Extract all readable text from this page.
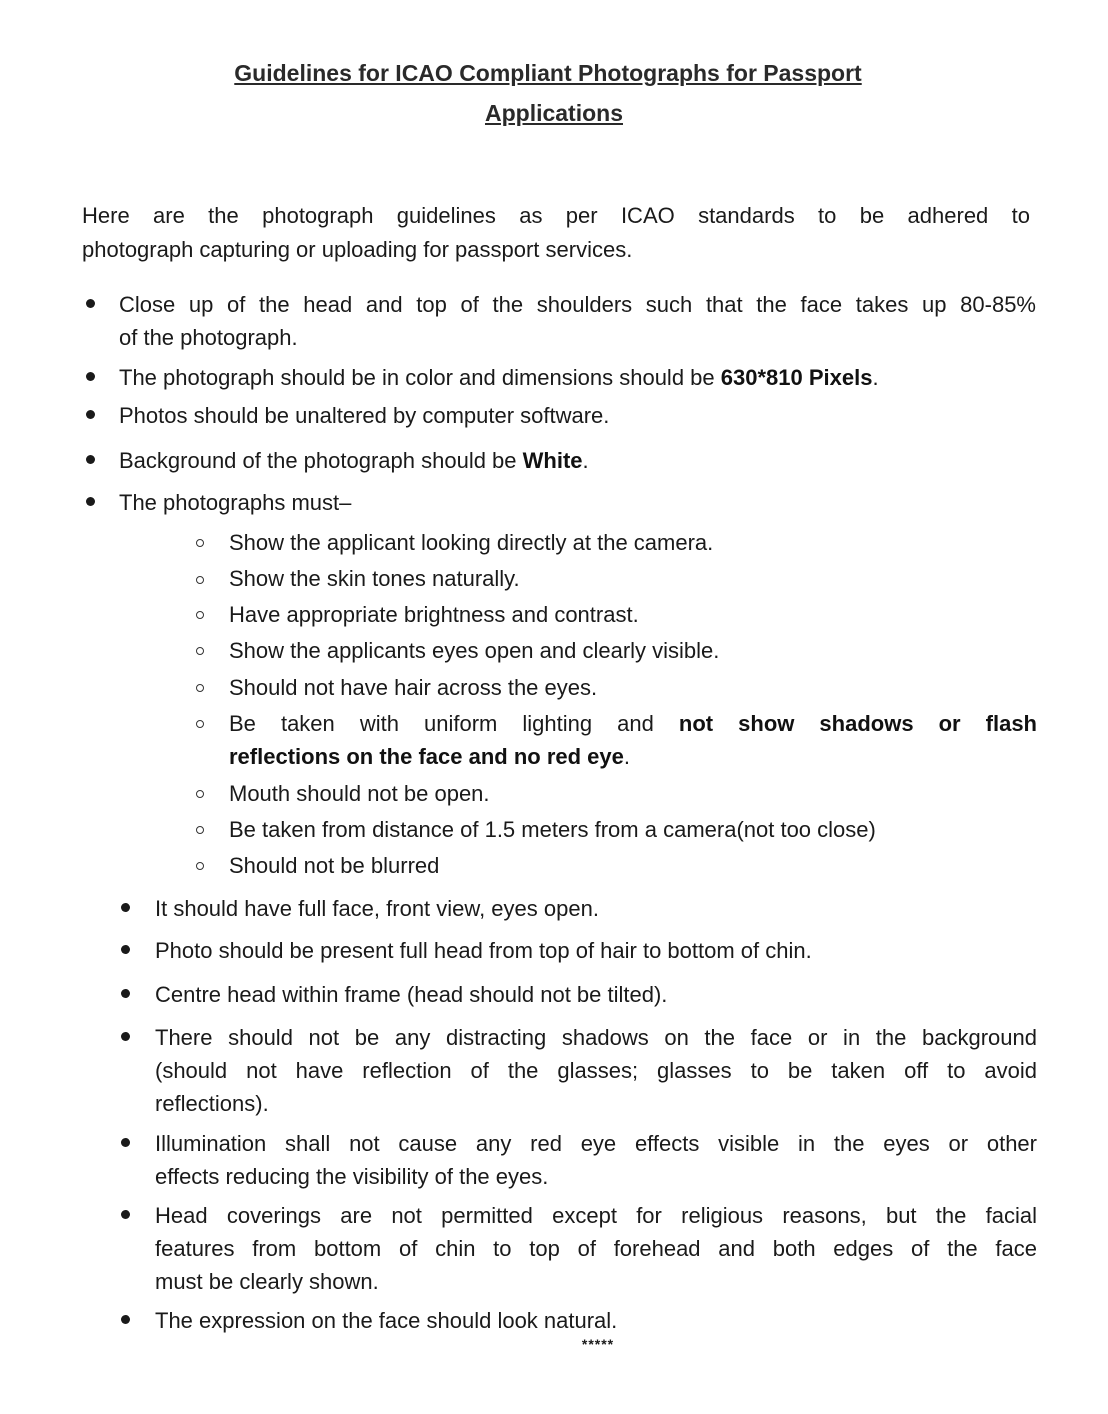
Guidelines for ICAO Compliant Photographs for Passport
Applications
Here are the photograph guidelines as per ICAO standards to be adhered to
photograph capturing or uploading for passport services.
Close up of the head and top of the shoulders such that the face takes up 80-85%
of the photograph.
The photograph should be in color and dimensions should be 630*810 Pixels.
Photos should be unaltered by computer software.
Background of the photograph should be White.
The photographs must–
Show the applicant looking directly at the camera.
Show the skin tones naturally.
Have appropriate brightness and contrast.
Show the applicants eyes open and clearly visible.
Should not have hair across the eyes.
Be taken with uniform lighting and not show shadows or flash
reflections on the face and no red eye.
Mouth should not be open.
Be taken from distance of 1.5 meters from a camera(not too close)
Should not be blurred
It should have full face, front view, eyes open.
Photo should be present full head from top of hair to bottom of chin.
Centre head within frame (head should not be tilted).
There should not be any distracting shadows on the face or in the background
(should not have reflection of the glasses; glasses to be taken off to avoid
reflections).
Illumination shall not cause any red eye effects visible in the eyes or other
effects reducing the visibility of the eyes.
Head coverings are not permitted except for religious reasons, but the facial
features from bottom of chin to top of forehead and both edges of the face
must be clearly shown.
The expression on the face should look natural.
*****
